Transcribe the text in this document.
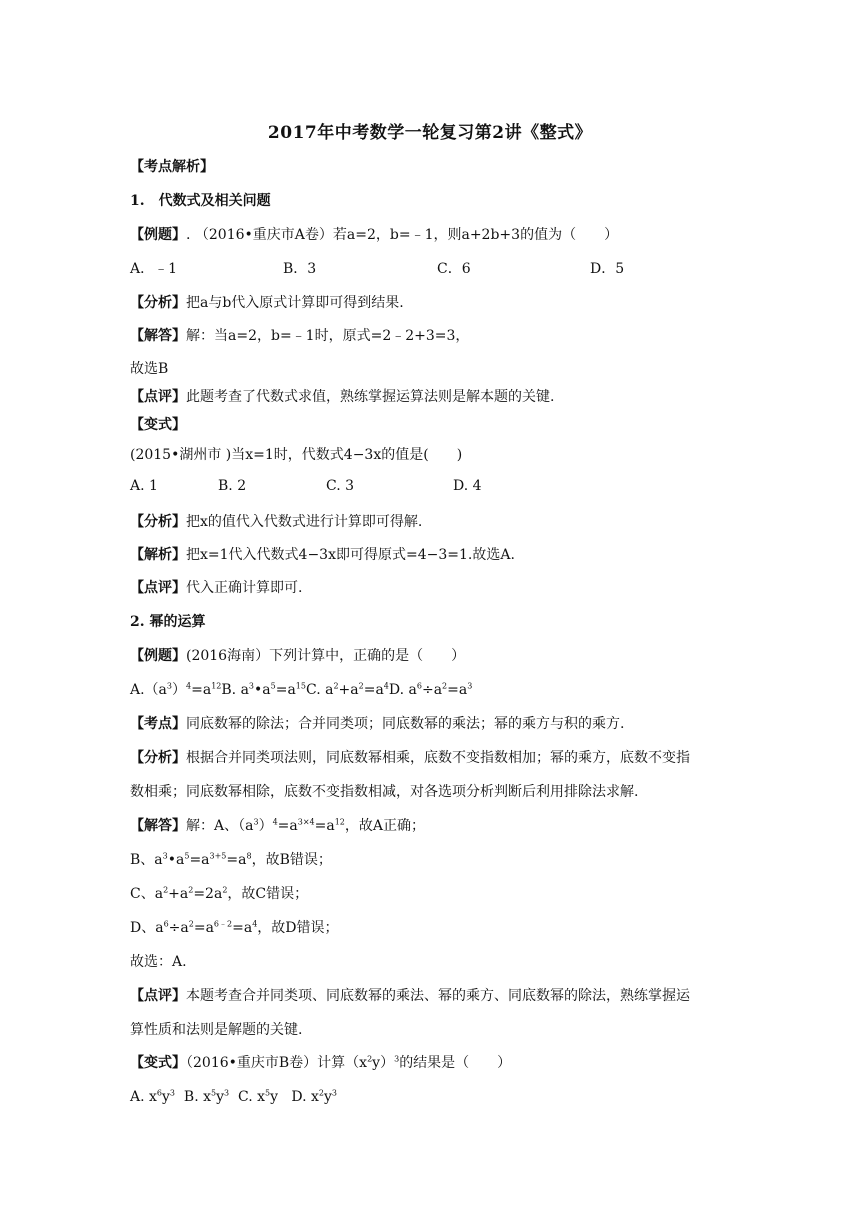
2017年中考数学一轮复习第2讲《整式》
【考点解析】
1.　代数式及相关问题
【例题】. （2016•重庆市A卷）若a=2，b=﹣1，则a+2b+3的值为（　　）
A．﹣1	B．3	C．6	D．5
【分析】把a与b代入原式计算即可得到结果.
【解答】解：当a=2，b=﹣1时，原式=2﹣2+3=3，
故选B
【点评】此题考查了代数式求值，熟练掌握运算法则是解本题的关键.
【变式】
(2015•湖州市 )当x=1时，代数式4−3x的值是(　　)
A. 1	B. 2	C. 3	D. 4
【分析】把x的值代入代数式进行计算即可得解.
【解析】把x=1代入代数式4−3x即可得原式=4−3=1.故选A.
【点评】代入正确计算即可.
2. 幂的运算
【例题】(2016海南）下列计算中，正确的是（　　）
$A.(a^3)^4=a^{12}B$. $a^3•a^5=a^{15}C$. $a^2+a^2=a^4D$. $a^6\div a^2=a^3$
【考点】同底数幂的除法；合并同类项；同底数幂的乘法；幂的乘方与积的乘方.
【分析】根据合并同类项法则，同底数幂相乘，底数不变指数相加；幂的乘方，底数不变指
数相乘；同底数幂相除，底数不变指数相减，对各选项分析判断后利用排除法求解.
【解答】解：A、$(a^3)^4=a^{3\times 4}=a^{12}$，故A正确；
B、$a^3•a^5=a^{3+5}=a^8$，故B错误；
C、$a^2+a^2=2a^2$，故C错误；
D、$a^6\div a^2=a^{6﹣2}=a^4$，故D错误；
故选：A.
【点评】本题考查合并同类项、同底数幂的乘法、幂的乘方、同底数幂的除法，熟练掌握运
算性质和法则是解题的关键.
【变式】（2016•重庆市B卷）计算$(x^2y)^3$的结果是（　　）
A. $x^6y^3$  B. $x^5y^3$  C. $x^5y$   D. $x^2y^3$
